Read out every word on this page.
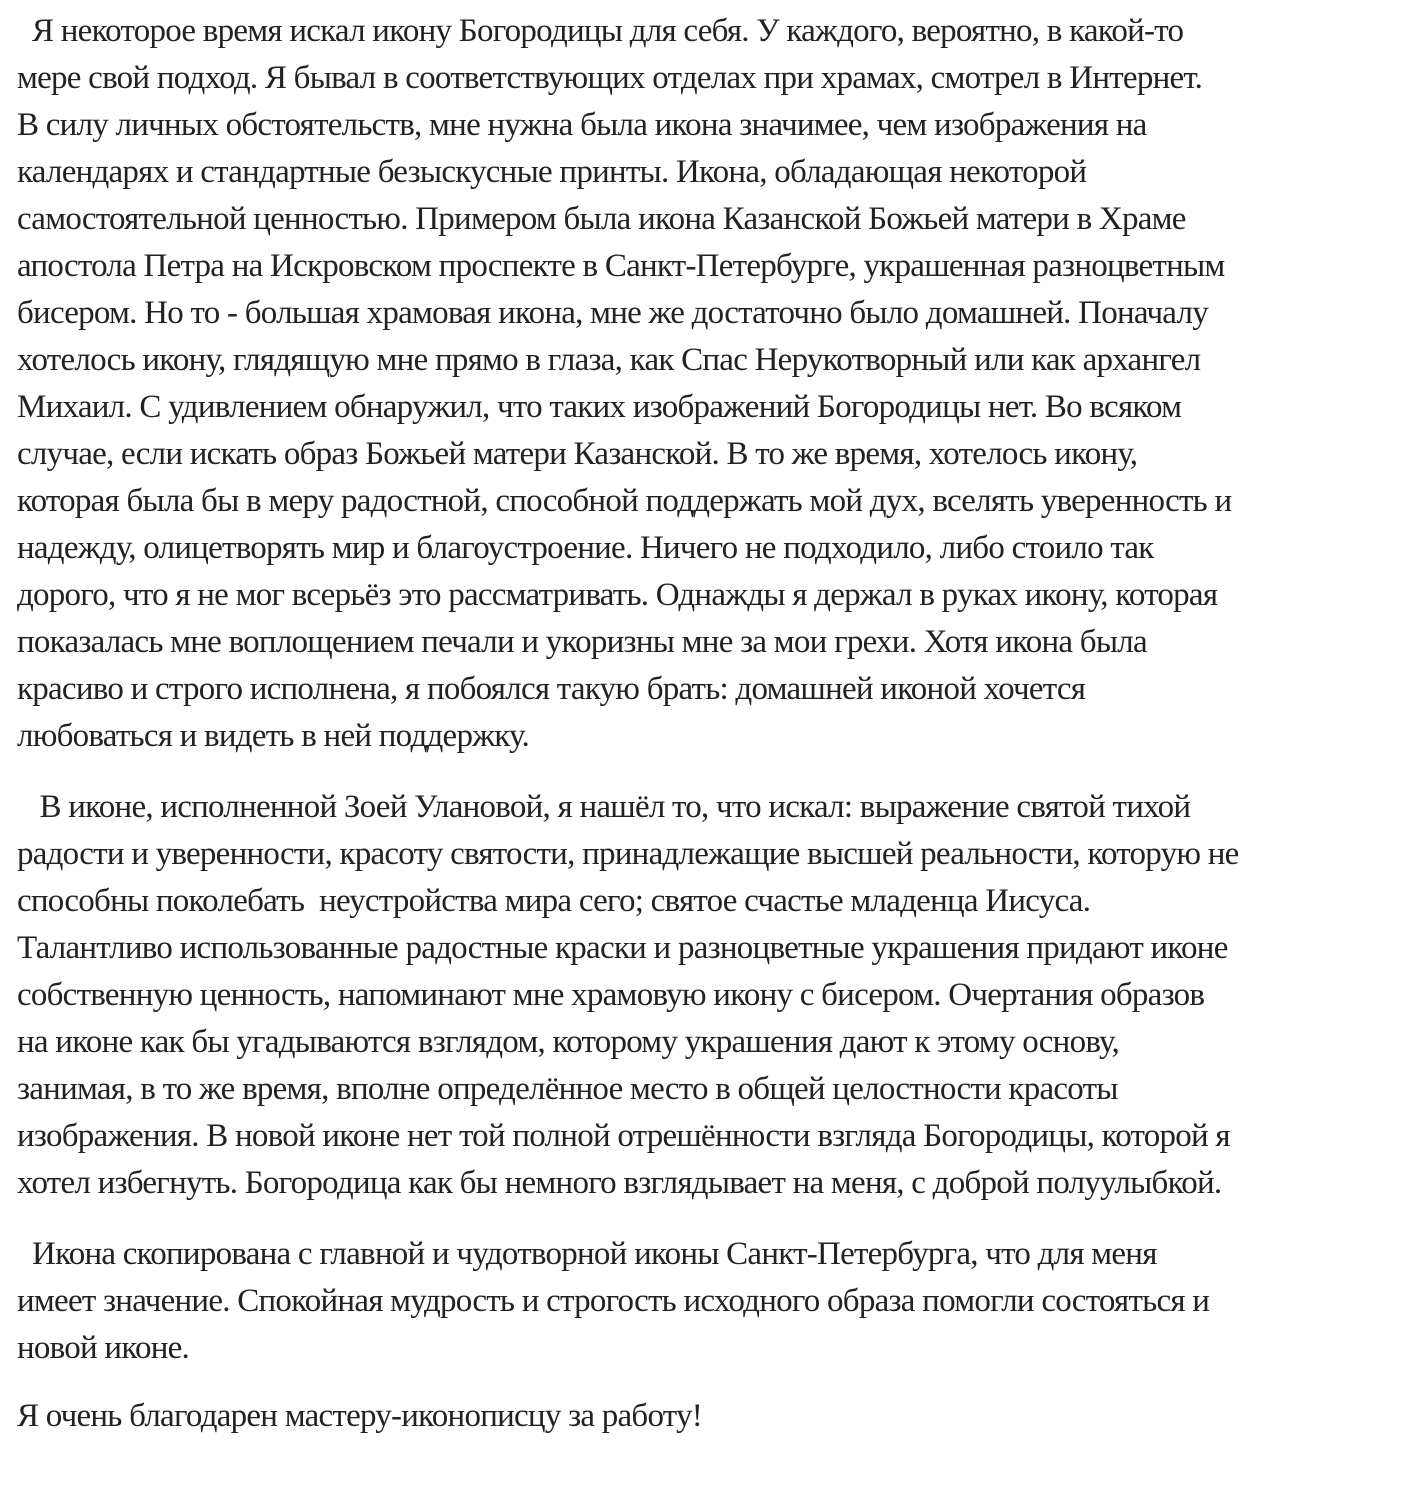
Я некоторое время искал икону Богородицы для себя. У каждого, вероятно, в какой-то
мере свой подход. Я бывал в соответствующих отделах при храмах, смотрел в Интернет.
В силу личных обстоятельств, мне нужна была икона значимее, чем изображения на
календарях и стандартные безыскусные принты. Икона, обладающая некоторой
самостоятельной ценностью. Примером была икона Казанской Божьей матери в Храме
апостола Петра на Искровском проспекте в Санкт-Петербурге, украшенная разноцветным
бисером. Но то - большая храмовая икона, мне же достаточно было домашней. Поначалу
хотелось икону, глядящую мне прямо в глаза, как Спас Нерукотворный или как архангел
Михаил. С удивлением обнаружил, что таких изображений Богородицы нет. Во всяком
случае, если искать образ Божьей матери Казанской. В то же время, хотелось икону,
которая была бы в меру радостной, способной поддержать мой дух, вселять уверенность и
надежду, олицетворять мир и благоустроение. Ничего не подходило, либо стоило так
дорого, что я не мог всерьёз это рассматривать. Однажды я держал в руках икону, которая
показалась мне воплощением печали и укоризны мне за мои грехи. Хотя икона была
красиво и строго исполнена, я побоялся такую брать: домашней иконой хочется
любоваться и видеть в ней поддержку.
В иконе, исполненной Зоей Улановой, я нашёл то, что искал: выражение святой тихой
радости и уверенности, красоту святости, принадлежащие высшей реальности, которую не
способны поколебать  неустройства мира сего; святое счастье младенца Иисуса.
Талантливо использованные радостные краски и разноцветные украшения придают иконе
собственную ценность, напоминают мне храмовую икону с бисером. Очертания образов
на иконе как бы угадываются взглядом, которому украшения дают к этому основу,
занимая, в то же время, вполне определённое место в общей целостности красоты
изображения. В новой иконе нет той полной отрешённости взгляда Богородицы, которой я
хотел избегнуть. Богородица как бы немного взглядывает на меня, с доброй полуулыбкой.
Икона скопирована с главной и чудотворной иконы Санкт-Петербурга, что для меня
имеет значение. Спокойная мудрость и строгость исходного образа помогли состояться и
новой иконе.
Я очень благодарен мастеру-иконописцу за работу!
